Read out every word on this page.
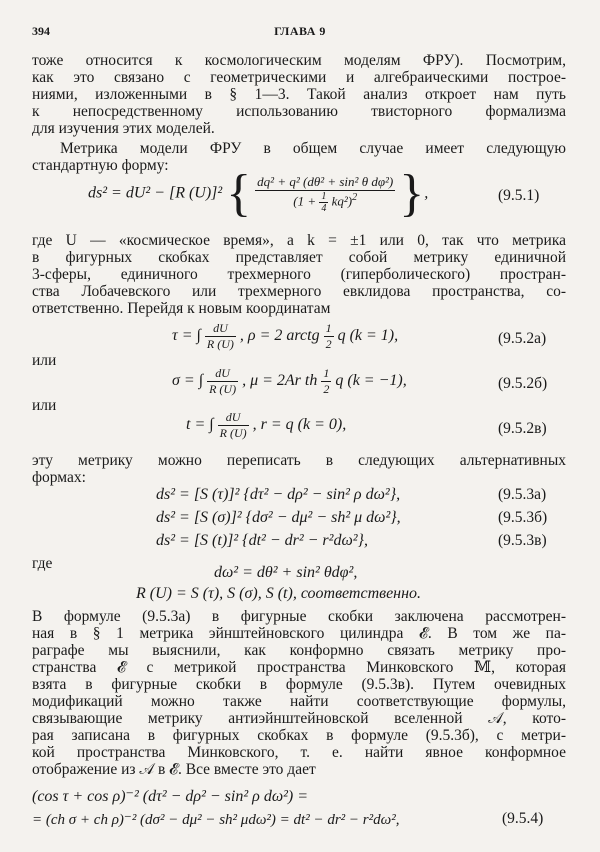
394	ГЛАВА 9
тоже относится к космологическим моделям ФРУ). Посмотрим,
как это связано с геометрическими и алгебраическими построе-
ниями, изложенными в § 1—3. Такой анализ откроет нам путь
к непосредственному использованию твисторного формализма
для изучения этих моделей.
Метрика модели ФРУ в общем случае имеет следующую
стандартную форму:
ds² = dU² − [R (U)]² { $\frac{\text{dq² + q² (dθ² + sin² θ dφ²)}}{(1 + \frac{1}{4} kq^2)^2}$ },	(9.5.1)
где U — «космическое время», а k = ±1 или 0, так что метрика
в фигурных скобках представляет собой метрику единичной
3-сферы, единичного трехмерного (гиперболического) простран-
ства Лобачевского или трехмерного евклидова пространства, со-
ответственно. Перейдя к новым координатам
τ = ∫ $\frac{dU}{R (U)}$ , ρ = 2 arctg $\frac{1}{2}$ q (k = 1),	(9.5.2a)
или
σ = ∫ $\frac{dU}{R (U)}$ , μ = 2Ar th $\frac{1}{2}$ q (k = −1),	(9.5.2б)
или
t = ∫ $\frac{dU}{R (U)}$ , r = q (k = 0),	(9.5.2в)
эту метрику можно переписать в следующих альтернативных
формах:
ds² = [S (τ)]² {dτ² − dρ² − sin² ρ dω²},	(9.5.3a)
ds² = [S (σ)]² {dσ² − dμ² − sh² μ dω²},	(9.5.3б)
ds² = [S (t)]² {dt² − dr² − r²dω²},	(9.5.3в)
где
dω² = dθ² + sin² θdφ²,
R (U) = S (τ), S (σ), S (t), соответственно.
В формуле (9.5.3a) в фигурные скобки заключена рассмотрен-
ная в § 1 метрика эйнштейновского цилиндра 𝓔. В том же па-
раграфе мы выяснили, как конформно связать метрику про-
странства 𝓔 с метрикой пространства Минковского 𝕄, которая
взята в фигурные скобки в формуле (9.5.3в). Путем очевидных
модификаций можно также найти соответствующие формулы,
связывающие метрику антиэйнштейновской вселенной 𝒜, кото-
рая записана в фигурных скобках в формуле (9.5.3б), с метри-
кой пространства Минковского, т. е. найти явное конформное
отображение из 𝒜 в 𝓔. Все вместе это дает
(cos τ + cos ρ)⁻² (dτ² − dρ² − sin² ρ dω²) =
= (ch σ + ch ρ)⁻² (dσ² − dμ² − sh² μdω²) = dt² − dr² − r²dω²,	(9.5.4)
